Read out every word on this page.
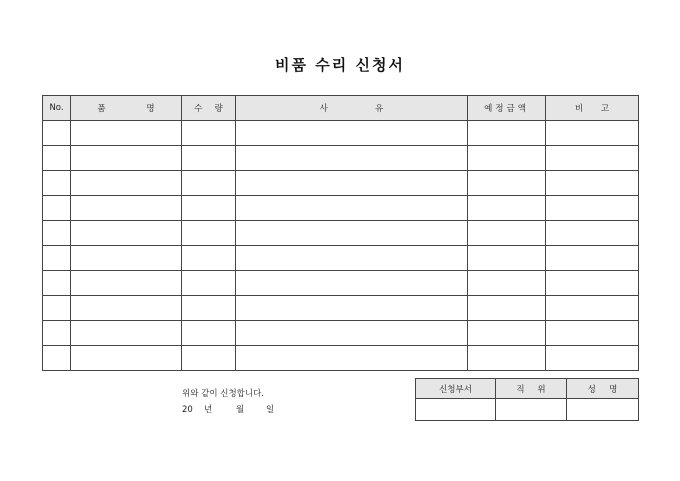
비품 수리 신청서
No.	품 명	수 량	사 유	예정금액	비 고

위와 같이 신청합니다.
20 년	월	일
신청부서	직 위	성 명
